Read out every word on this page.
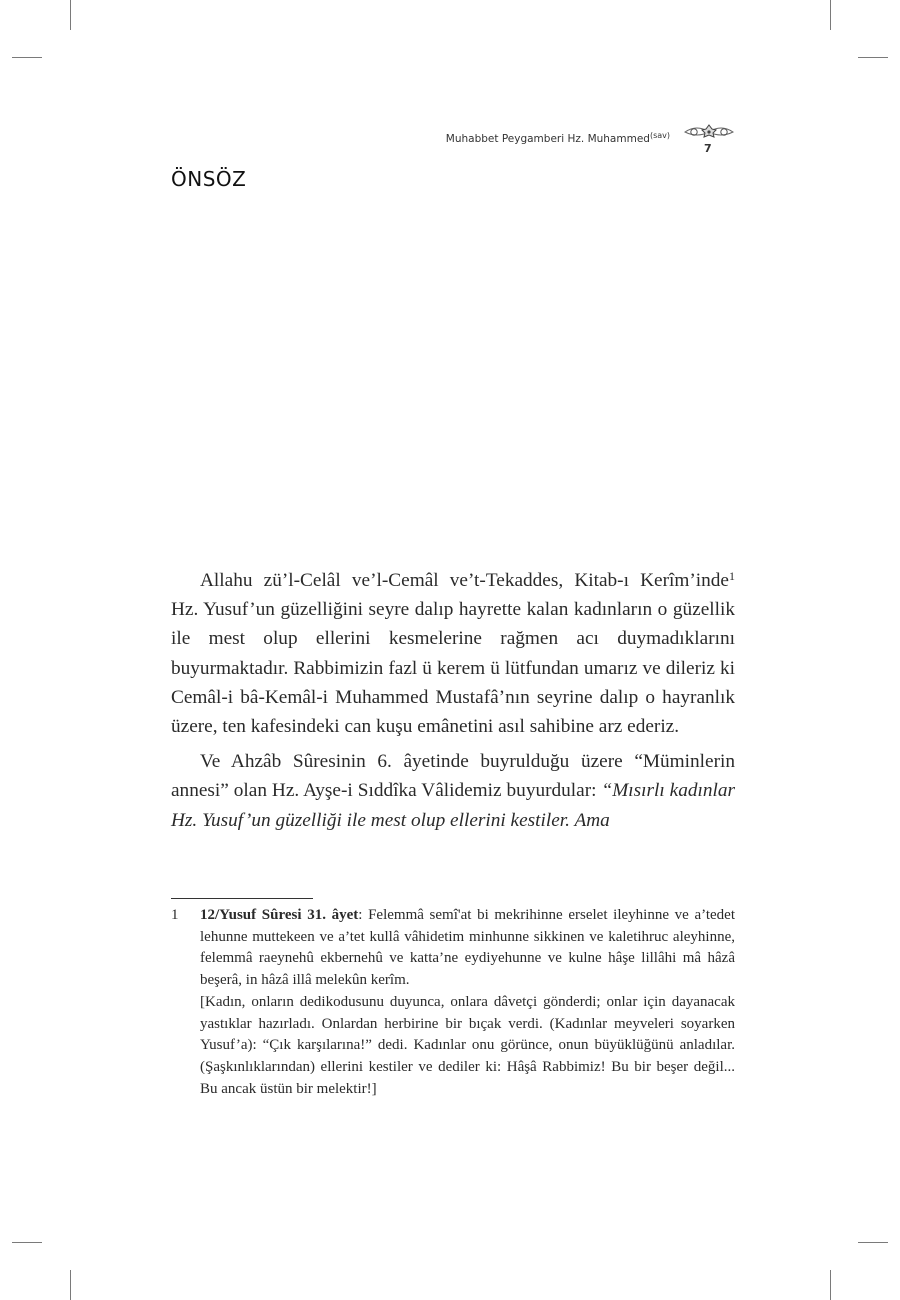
Muhabbet Peygamberi Hz. Muhammed$^{(sav)}$
7
ÖNSÖZ

Allahu zü’l-Celâl ve’l-Cemâl ve’t-Tekaddes, Kitab-ı Kerîm’inde$^1$ Hz. Yusuf’un güzelliğini seyre dalıp hayrette kalan kadınların o güzellik ile mest olup ellerini kesmelerine rağmen acı duymadıklarını buyurmaktadır. Rabbimizin fazl ü kerem ü lütfundan umarız ve dileriz ki Cemâl-i bâ-Kemâl-i Muhammed Mustafâ’nın seyrine dalıp o hayranlık üzere, ten kafesindeki can kuşu emânetini asıl sahibine arz ederiz.

Ve Ahzâb Sûresinin 6. âyetinde buyrulduğu üzere “Müminlerin annesi” olan Hz. Ayşe-i Sıddîka Vâlidemiz buyurdular: “Mısırlı kadınlar Hz. Yusuf’un güzelliği ile mest olup ellerini kestiler. Ama

1 12/Yusuf Sûresi 31. âyet: Felemmâ semî'at bi mekrihinne erselet ileyhinne ve a’tedet lehunne muttekeen ve a’tet kullâ vâhidetim minhunne sikkinen ve kaletihruc aleyhinne, felemmâ raeynehû ekbernehû ve katta’ne eydiyehunne ve kulne hâşe lillâhi mâ hâzâ beşerâ, in hâzâ illâ melekûn kerîm.

[Kadın, onların dedikodusunu duyunca, onlara dâvetçi gönderdi; onlar için dayanacak yastıklar hazırladı. Onlardan herbirine bir bıçak verdi. (Kadınlar meyveleri soyarken Yusuf’a): “Çık karşılarına!” dedi. Kadınlar onu görünce, onun büyüklüğünü anladılar. (Şaşkınlıklarından) ellerini kestiler ve dediler ki: Hâşâ Rabbimiz! Bu bir beşer değil... Bu ancak üstün bir melektir!]
